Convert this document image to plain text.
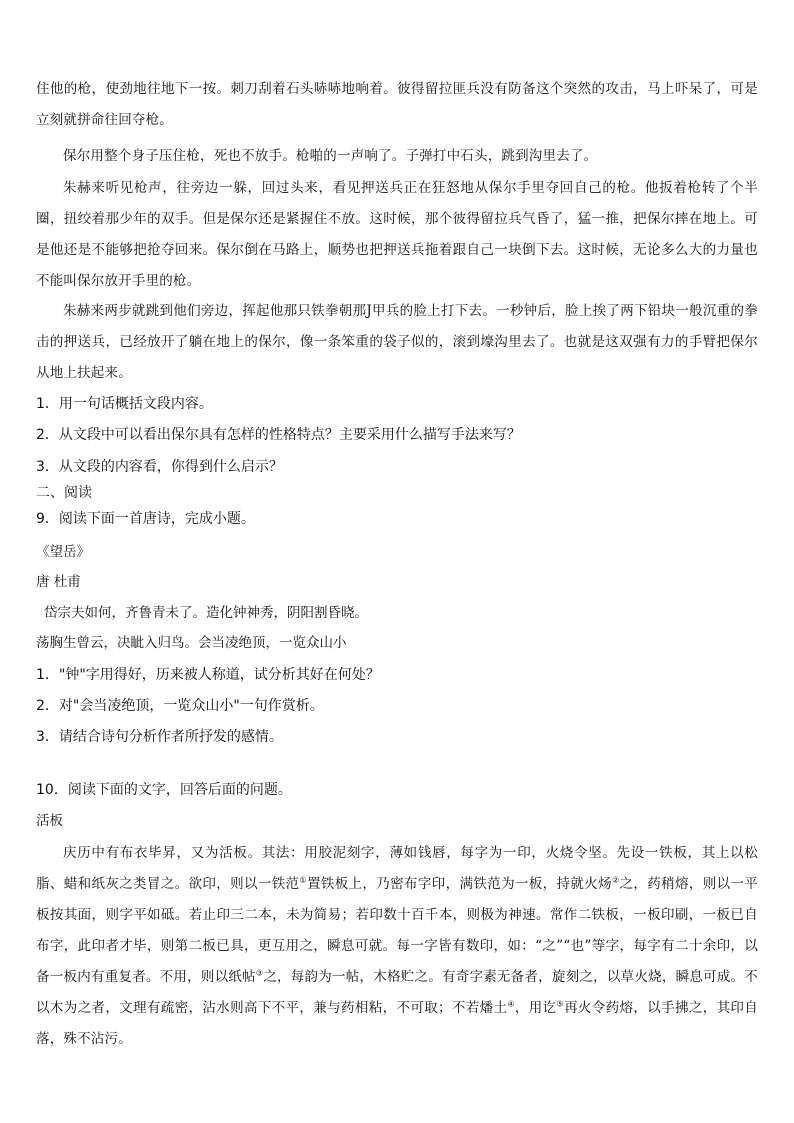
住他的枪，使劲地往地下一按。刺刀刮着石头哧哧地响着。彼得留拉匪兵没有防备这个突然的攻击，马上吓呆了，可是立刻就拼命往回夺枪。

保尔用整个身子压住枪，死也不放手。枪啪的一声响了。子弹打中石头，跳到沟里去了。

朱赫来听见枪声，往旁边一躲，回过头来，看见押送兵正在狂怒地从保尔手里夺回自己的枪。他扳着枪转了个半圈，扭绞着那少年的双手。但是保尔还是紧握住不放。这时候，那个彼得留拉兵气昏了，猛一推，把保尔摔在地上。可是他还是不能够把抢夺回来。保尔倒在马路上，顺势也把押送兵拖着跟自己一块倒下去。这时候，无论多么大的力量也不能叫保尔放开手里的枪。

朱赫来两步就跳到他们旁边，挥起他那只铁拳朝那J甲兵的脸上打下去。一秒钟后，脸上挨了两下铅块一般沉重的拳击的押送兵，已经放开了躺在地上的保尔，像一条笨重的袋子似的，滚到壕沟里去了。也就是这双强有力的手臂把保尔从地上扶起来。

1．用一句话概括文段内容。

2．从文段中可以看出保尔具有怎样的性格特点？主要采用什么描写手法来写？

3．从文段的内容看，你得到什么启示？

二、阅读

9．阅读下面一首唐诗，完成小题。

《望岳》

唐 杜甫

岱宗夫如何，齐鲁青未了。造化钟神秀，阴阳割昏晓。

荡胸生曾云，决眦入归鸟。会当凌绝顶，一览众山小

1．"钟"字用得好，历来被人称道，试分析其好在何处？

2．对"会当凌绝顶，一览众山小"一句作赏析。

3．请结合诗句分析作者所抒发的感情。

10．阅读下面的文字，回答后面的问题。

活板

庆历中有布衣毕昇，又为活板。其法：用胶泥刻字，薄如钱唇，每字为一印，火烧令坚。先设一铁板，其上以松脂、蜡和纸灰之类冒之。欲印，则以一铁范①置铁板上，乃密布字印，满铁范为一板，持就火炀②之，药稍熔，则以一平板按其面，则字平如砥。若止印三二本，未为简易；若印数十百千本，则极为神速。常作二铁板，一板印刷，一板已自布字，此印者才毕，则第二板已具，更互用之，瞬息可就。每一字皆有数印，如：“之”“也”等字，每字有二十余印，以备一板内有重复者。不用，则以纸帖③之，每韵为一帖，木格贮之。有奇字素无备者，旋刻之，以草火烧，瞬息可成。不以木为之者，文理有疏密，沾水则高下不平，兼与药相粘，不可取；不若燔土④，用讫⑤再火令药熔，以手拂之，其印自落，殊不沾污。
